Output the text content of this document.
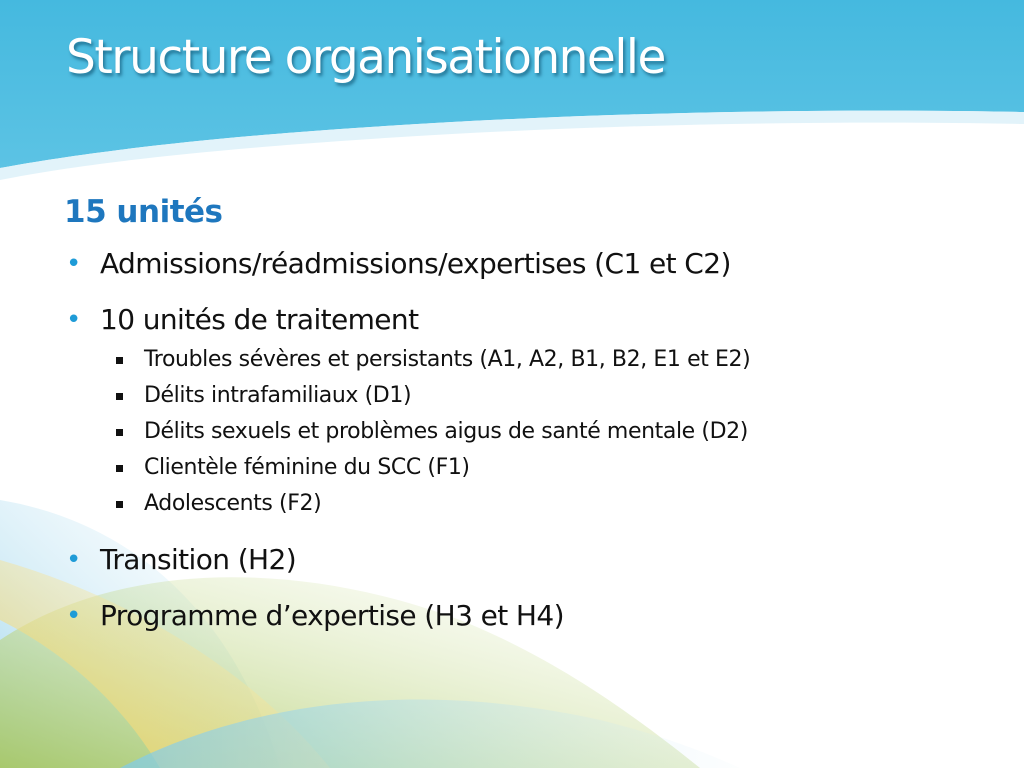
Structure organisationnelle

15 unités

• Admissions/réadmissions/expertises (C1 et C2)
• 10 unités de traitement
Troubles sévères et persistants (A1, A2, B1, B2, E1 et E2)
Délits intrafamiliaux (D1)
Délits sexuels et problèmes aigus de santé mentale (D2)
Clientèle féminine du SCC (F1)
Adolescents (F2)
• Transition (H2)
• Programme d’expertise (H3 et H4)
